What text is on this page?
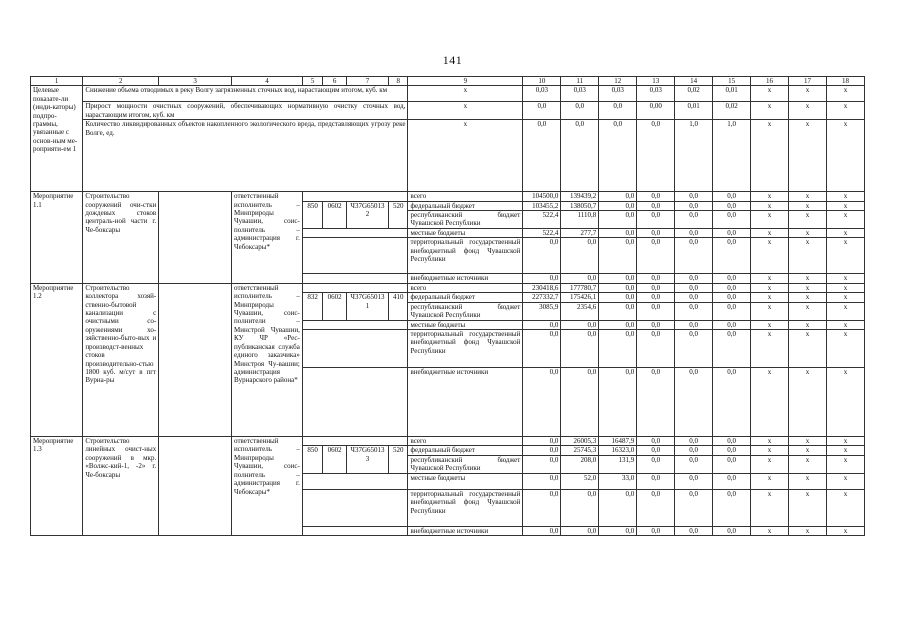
141
1	2	3	4	5	6	7	8	9	10	11	12	13	14	15	16	17	18
Целевые показате-ли (инди-каторы) подпро-граммы, увязанные с основ-ным ме-роприяти-ем 1	Снижение объема отводимых в реку Волгу загрязненных сточных вод, нарастающим итогом, куб. км							x	0,03	0,03	0,03	0,03	0,02	0,01	x	x	x
	Прирост мощности очистных сооружений, обеспечивающих нормативную очистку сточных вод, нарастающим итогом, куб. км							x	0,0	0,0	0,0	0,00	0,01	0,02	x	x	x
	Количество ликвидированных объектов накопленного экологического вреда, представляющих угрозу реке Волге, ед.							x	0,0	0,0	0,0	0,0	1,0	1,0	x	x	x
Мероприятие 1.1	Строительство сооружений очи-стки дождевых стоков централь-ной части г. Че-боксары		ответственный исполнитель – Минприроды Чувашии, соис-полнитель – администрация г. Чебоксары*					всего	104500,0	139439,2	0,0	0,0	0,0	0,0	x	x	x
				850	0602	Ч37G650132	520	федеральный бюджет	103455,2	138050,7	0,0	0,0	0,0	0,0	x	x	x
								республиканский бюджет Чувашской Республики	522,4	1110,8	0,0	0,0	0,0	0,0	x	x	x
								местные бюджеты	522,4	277,7	0,0	0,0	0,0	0,0	x	x	x
								территориальный государственный внебюджетный фонд Чувашской Республики	0,0	0,0	0,0	0,0	0,0	0,0	x	x	x
								внебюджетные источники	0,0	0,0	0,0	0,0	0,0	0,0	x	x	x
Мероприятие 1.2	Строительство коллектора хозяй-ственно-бытовой канализации с очистными со-оружениями хо-зяйственно-быто-вых и производст-венных стоков производительно-стью 1800 куб. м/сут в пгт Вурна-ры		ответственный исполнитель – Минприроды Чувашии, соис-полнители – Минстрой Чувашии, КУ ЧР «Рес-публиканская служба единого заказчика» Минстроя Чу-вашии; администрация Вурнарского района*					всего	230418,6	177780,7	0,0	0,0	0,0	0,0	x	x	x
				832	0602	Ч37G650131	410	федеральный бюджет	227332,7	175426,1	0,0	0,0	0,0	0,0	x	x	x
								республиканский бюджет Чувашской Республики	3085,9	2354,6	0,0	0,0	0,0	0,0	x	x	x
								местные бюджеты	0,0	0,0	0,0	0,0	0,0	0,0	x	x	x
								территориальный государственный внебюджетный фонд Чувашской Республики	0,0	0,0	0,0	0,0	0,0	0,0	x	x	x
								внебюджетные источники	0,0	0,0	0,0	0,0	0,0	0,0	x	x	x
Мероприятие 1.3	Строительство линейных очист-ных сооружений в мкр. «Волжс-кий-1, -2» г. Че-боксары		ответственный исполнитель – Минприроды Чувашии, соис-полнитель – администрация г. Чебоксары*					всего	0,0	26005,3	16487,9	0,0	0,0	0,0	x	x	x
				850	0602	Ч37G650133	520	федеральный бюджет	0,0	25745,3	16323,0	0,0	0,0	0,0	x	x	x
								республиканский бюджет Чувашской Республики	0,0	208,0	131,9	0,0	0,0	0,0	x	x	x
								местные бюджеты	0,0	52,0	33,0	0,0	0,0	0,0	x	x	x
								территориальный государственный внебюджетный фонд Чувашской Республики	0,0	0,0	0,0	0,0	0,0	0,0	x	x	x
								внебюджетные источники	0,0	0,0	0,0	0,0	0,0	0,0	x	x	x
